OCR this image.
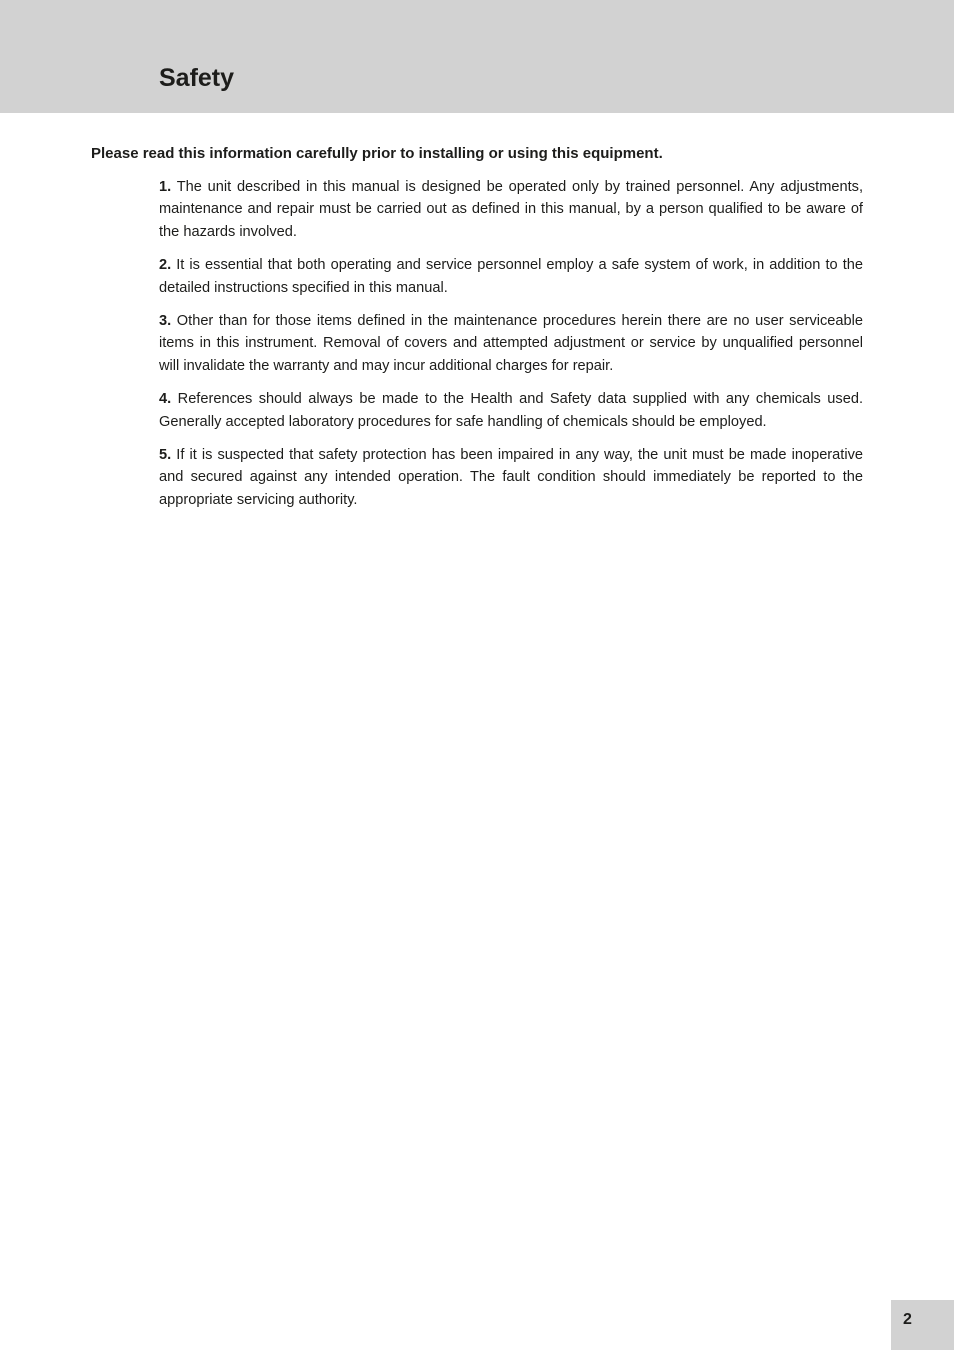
Safety

Please read this information carefully prior to installing or using this equipment.

1. The unit described in this manual is designed be operated only by trained personnel. Any adjustments, maintenance and repair must be carried out as defined in this manual, by a person qualified to be aware of the hazards involved.

2. It is essential that both operating and service personnel employ a safe system of work, in addition to the detailed instructions specified in this manual.

3. Other than for those items defined in the maintenance procedures herein there are no user serviceable items in this instrument. Removal of covers and attempted adjustment or service by unqualified personnel will invalidate the warranty and may incur additional charges for repair.

4. References should always be made to the Health and Safety data supplied with any chemicals used. Generally accepted laboratory procedures for safe handling of chemicals should be employed.

5. If it is suspected that safety protection has been impaired in any way, the unit must be made inoperative and secured against any intended operation. The fault condition should immediately be reported to the appropriate servicing authority.

2
